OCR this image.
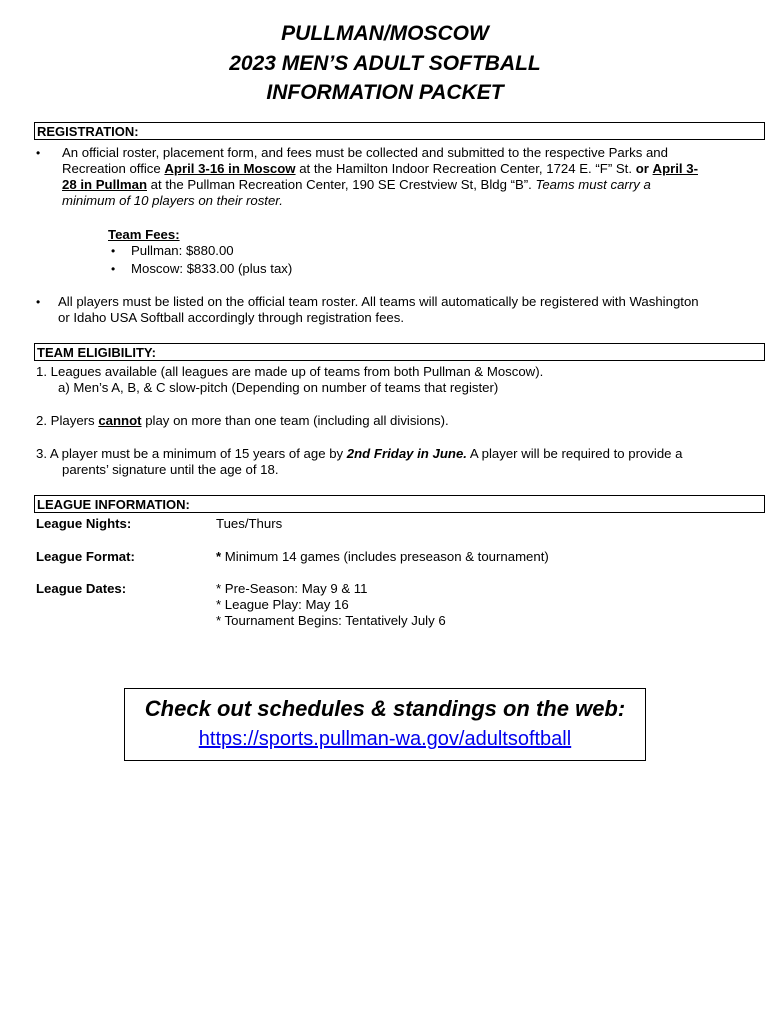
PULLMAN/MOSCOW
2023 MEN’S ADULT SOFTBALL
INFORMATION PACKET
REGISTRATION:
• An official roster, placement form, and fees must be collected and submitted to the respective Parks and
Recreation office April 3-16 in Moscow at the Hamilton Indoor Recreation Center, 1724 E. “F” St. or April 3-
28 in Pullman at the Pullman Recreation Center, 190 SE Crestview St, Bldg “B”. Teams must carry a
minimum of 10 players on their roster.
Team Fees:
• Pullman: $880.00
• Moscow: $833.00 (plus tax)
• All players must be listed on the official team roster. All teams will automatically be registered with Washington
or Idaho USA Softball accordingly through registration fees.
TEAM ELIGIBILITY:
1. Leagues available (all leagues are made up of teams from both Pullman & Moscow).
a) Men’s A, B, & C slow-pitch (Depending on number of teams that register)
2. Players cannot play on more than one team (including all divisions).
3. A player must be a minimum of 15 years of age by 2nd Friday in June. A player will be required to provide a
parents’ signature until the age of 18.
LEAGUE INFORMATION:
League Nights:	Tues/Thurs
League Format:	* Minimum 14 games (includes preseason & tournament)
League Dates:	* Pre-Season: May 9 & 11
* League Play: May 16
* Tournament Begins: Tentatively July 6
Check out schedules & standings on the web:
https://sports.pullman-wa.gov/adultsoftball
